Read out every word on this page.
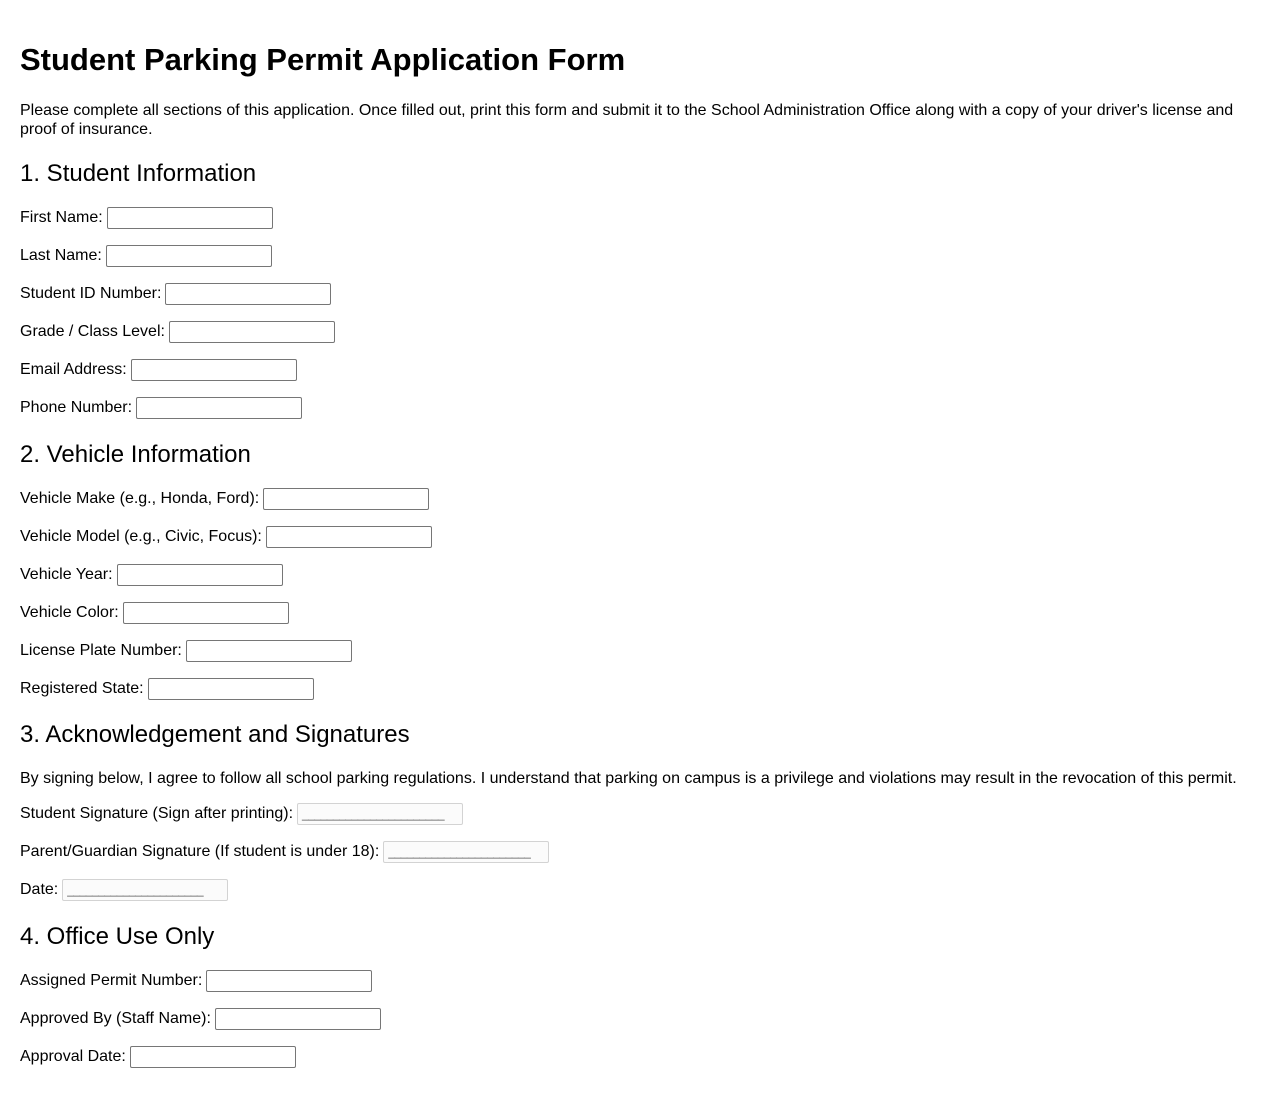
Student Parking Permit Application Form

Please complete all sections of this application. Once filled out, print this form and submit it to the School Administration Office along with a copy of your driver's license and proof of insurance.

1. Student Information
First Name:
Last Name:
Student ID Number:
Grade / Class Level:
Email Address:
Phone Number:
2. Vehicle Information
Vehicle Make (e.g., Honda, Ford):
Vehicle Model (e.g., Civic, Focus):
Vehicle Year:
Vehicle Color:
License Plate Number:
Registered State:
3. Acknowledgement and Signatures

By signing below, I agree to follow all school parking regulations. I understand that parking on campus is a privilege and violations may result in the revocation of this permit.

Student Signature (Sign after printing): _______________________
Parent/Guardian Signature (If student is under 18): _______________________
Date: ______________________
4. Office Use Only
Assigned Permit Number:
Approved By (Staff Name):
Approval Date:
